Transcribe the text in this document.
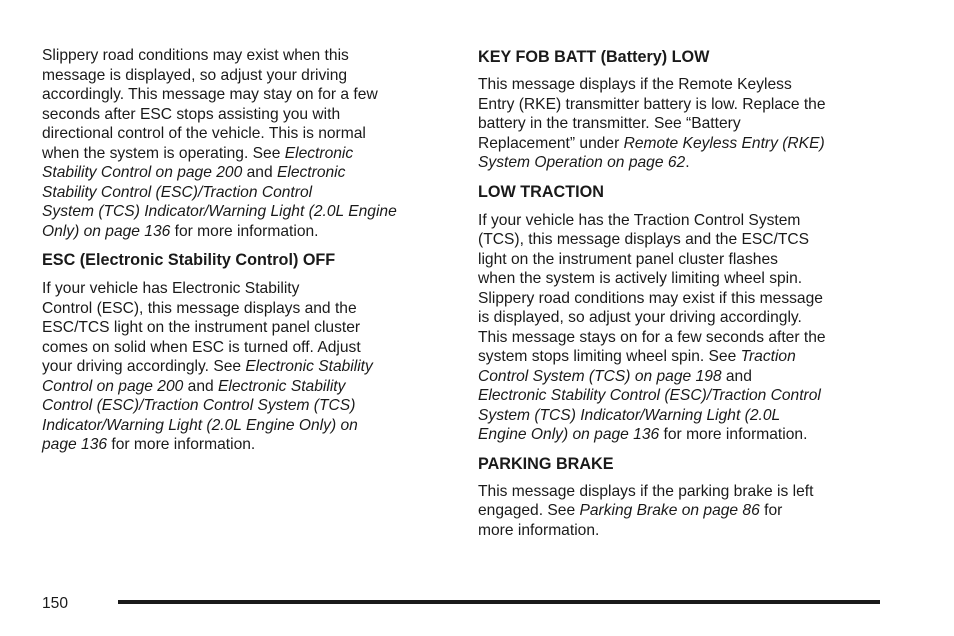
Slippery road conditions may exist when this
message is displayed, so adjust your driving
accordingly. This message may stay on for a few
seconds after ESC stops assisting you with
directional control of the vehicle. This is normal
when the system is operating. See Electronic
Stability Control on page 200 and Electronic
Stability Control (ESC)/Traction Control
System (TCS) Indicator/Warning Light (2.0L Engine
Only) on page 136 for more information.
ESC (Electronic Stability Control) OFF
If your vehicle has Electronic Stability
Control (ESC), this message displays and the
ESC/TCS light on the instrument panel cluster
comes on solid when ESC is turned off. Adjust
your driving accordingly. See Electronic Stability
Control on page 200 and Electronic Stability
Control (ESC)/Traction Control System (TCS)
Indicator/Warning Light (2.0L Engine Only) on
page 136 for more information.
KEY FOB BATT (Battery) LOW
This message displays if the Remote Keyless
Entry (RKE) transmitter battery is low. Replace the
battery in the transmitter. See “Battery
Replacement” under Remote Keyless Entry (RKE)
System Operation on page 62.
LOW TRACTION
If your vehicle has the Traction Control System
(TCS), this message displays and the ESC/TCS
light on the instrument panel cluster flashes
when the system is actively limiting wheel spin.
Slippery road conditions may exist if this message
is displayed, so adjust your driving accordingly.
This message stays on for a few seconds after the
system stops limiting wheel spin. See Traction
Control System (TCS) on page 198 and
Electronic Stability Control (ESC)/Traction Control
System (TCS) Indicator/Warning Light (2.0L
Engine Only) on page 136 for more information.
PARKING BRAKE
This message displays if the parking brake is left
engaged. See Parking Brake on page 86 for
more information.
150
